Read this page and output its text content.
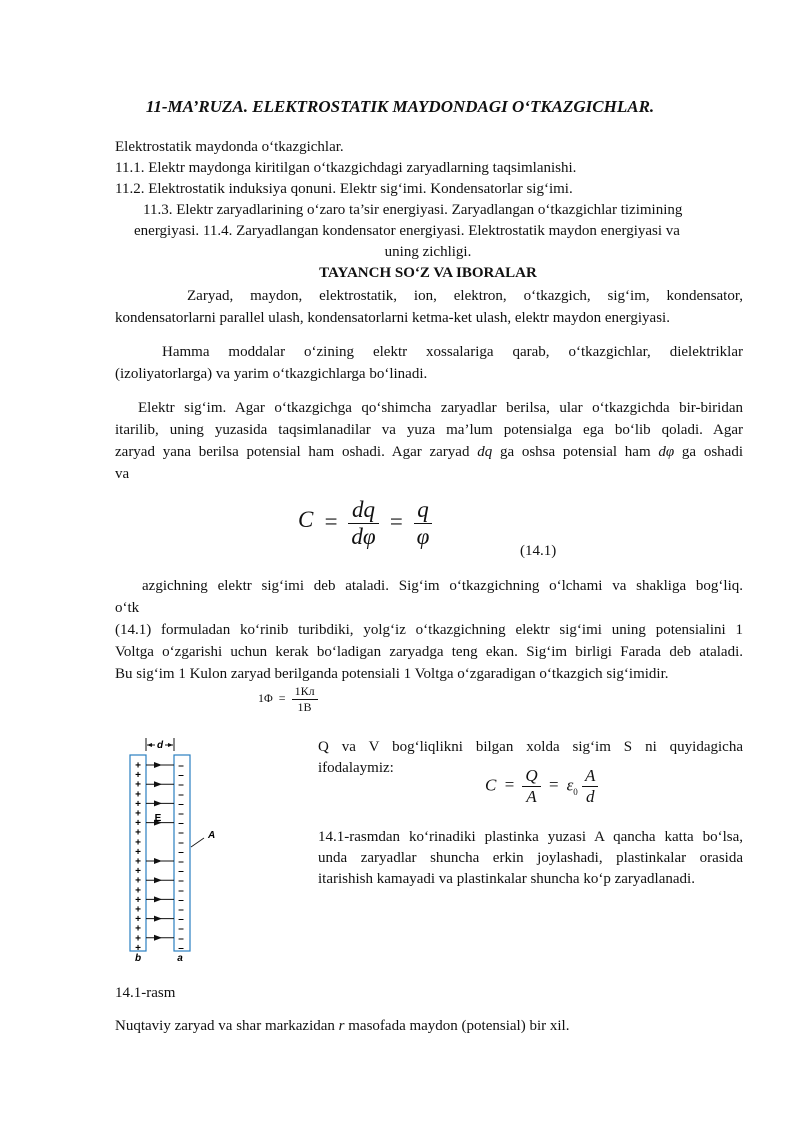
11-MA’RUZA. ELEKTROSTATIK MAYDONDAGI O‘TKAZGICHLAR.
Elektrostatik maydonda o‘tkazgichlar.
11.1. Elektr maydonga kiritilgan o‘tkazgichdagi zaryadlarning taqsimlanishi.
11.2. Elektrostatik induksiya qonuni. Elektr sig‘imi. Kondensatorlar sig‘imi.
11.3. Elektr zaryadlarining o‘zaro ta’sir energiyasi. Zaryadlangan o‘tkazgichlar tizimining
energiyasi. 11.4. Zaryadlangan kondensator energiyasi. Elektrostatik maydon energiyasi va
uning zichligi.
TAYANCH SO‘Z VA IBORALAR
Zaryad, maydon, elektrostatik, ion, elektron, o‘tkazgich, sig‘im, kondensator,
kondensatorlarni parallel ulash, kondensatorlarni ketma-ket ulash, elektr maydon energiyasi.
Hamma moddalar o‘zining elektr xossalariga qarab, o‘tkazgichlar, dielektriklar
(izoliyatorlarga) va yarim o‘tkazgichlarga bo‘linadi.
Elektr sig‘im. Agar o‘tkazgichga qo‘shimcha zaryadlar berilsa, ular o‘tkazgichda bir-biridan
itarilib, uning yuzasida taqsimlanadilar va yuza ma’lum potensialga ega bo‘lib qoladi. Agar
zaryad yana berilsa potensial ham oshadi. Agar zaryad dq ga oshsa potensial ham dφ ga oshadi
va
$C = \frac{dq}{d\varphi} = \frac{q}{\varphi}$
(14.1)
azgichning elektr sig‘imi deb ataladi. Sig‘im o‘tkazgichning o‘lchami va shakliga bog‘liq.
o‘tk
(14.1) formuladan ko‘rinib turibdiki, yolg‘iz o‘tkazgichning elektr sig‘imi uning potensialini 1
Voltga o‘zgarishi uchun kerak bo‘ladigan zaryadga teng ekan. Sig‘im birligi Farada deb ataladi.
Bu sig‘im 1 Kulon zaryad berilganda potensiali 1 Voltga o‘zgaradigan o‘tkazgich sig‘imidir.
$1\Phi = \frac{1Кл}{1В}$
d
+
+
+
+
+
+
+
+
+
+
+
+
+
+
+
+
+
+
+
+
–
–
–
–
–
–
–
–
–
–
–
–
–
–
–
–
–
–
–
–
E
A
b	a
Q va V bog‘liqlikni bilgan xolda sig‘im S ni quyidagicha
ifodalaymiz:
$C = \frac{Q}{A} = \varepsilon_0 \frac{A}{d}$
14.1-rasmdan ko‘rinadiki plastinka yuzasi A qancha katta bo‘lsa,
unda zaryadlar shuncha erkin joylashadi, plastinkalar orasida
itarishish kamayadi va plastinkalar shuncha ko‘p zaryadlanadi.
14.1-rasm
Nuqtaviy zaryad va shar markazidan r masofada maydon (potensial) bir xil.
